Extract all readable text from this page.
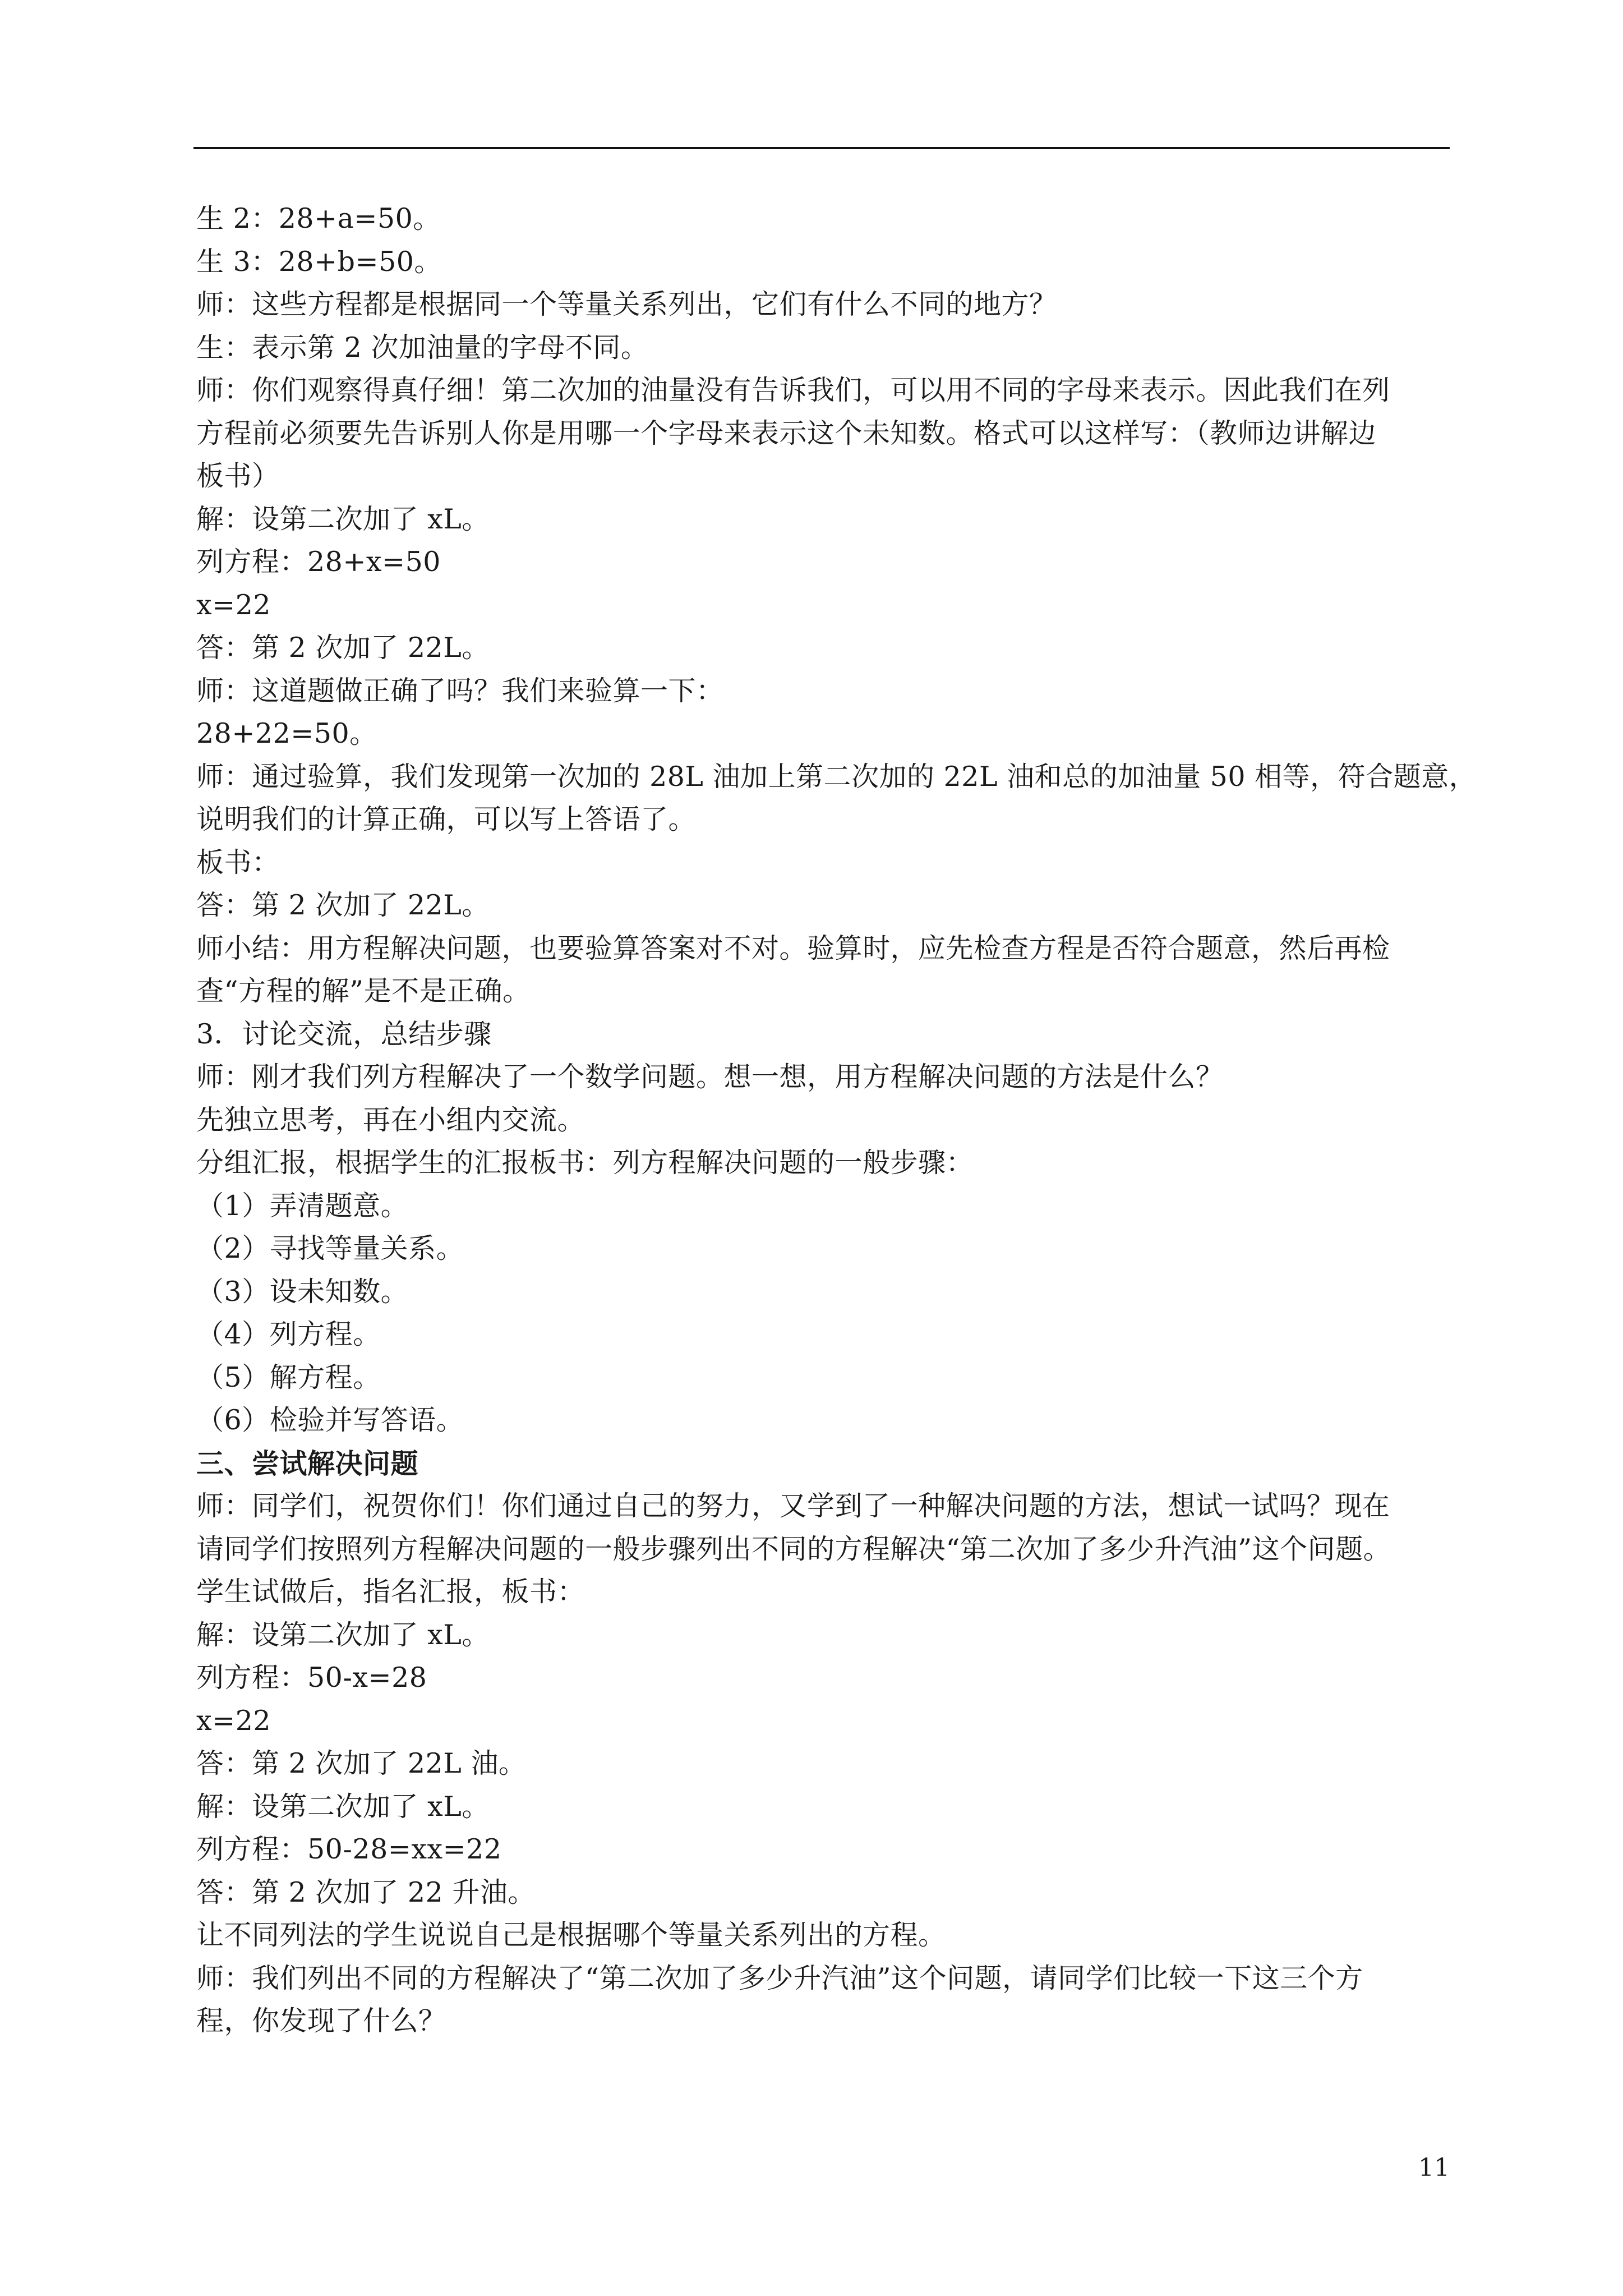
生 2：28+a=50。
生 3：28+b=50。
师：这些方程都是根据同一个等量关系列出，它们有什么不同的地方？
生：表示第 2 次加油量的字母不同。
师：你们观察得真仔细！第二次加的油量没有告诉我们，可以用不同的字母来表示。因此我们在列
方程前必须要先告诉别人你是用哪一个字母来表示这个未知数。格式可以这样写：（教师边讲解边
板书）
解：设第二次加了 xL。
列方程：28+x=50
x=22
答：第 2 次加了 22L。
师：这道题做正确了吗？我们来验算一下：
28+22=50。
师：通过验算，我们发现第一次加的 28L 油加上第二次加的 22L 油和总的加油量 50 相等，符合题意，
说明我们的计算正确，可以写上答语了。
板书：
答：第 2 次加了 22L。
师小结：用方程解决问题，也要验算答案对不对。验算时，应先检查方程是否符合题意，然后再检
查“方程的解”是不是正确。
3．讨论交流，总结步骤
师：刚才我们列方程解决了一个数学问题。想一想，用方程解决问题的方法是什么？
先独立思考，再在小组内交流。
分组汇报，根据学生的汇报板书：列方程解决问题的一般步骤：
（1）弄清题意。
（2）寻找等量关系。
（3）设未知数。
（4）列方程。
（5）解方程。
（6）检验并写答语。
三、尝试解决问题
师：同学们，祝贺你们！你们通过自己的努力，又学到了一种解决问题的方法，想试一试吗？现在
请同学们按照列方程解决问题的一般步骤列出不同的方程解决“第二次加了多少升汽油”这个问题。
学生试做后，指名汇报，板书：
解：设第二次加了 xL。
列方程：50-x=28
x=22
答：第 2 次加了 22L 油。
解：设第二次加了 xL。
列方程：50-28=xx=22
答：第 2 次加了 22 升油。
让不同列法的学生说说自己是根据哪个等量关系列出的方程。
师：我们列出不同的方程解决了“第二次加了多少升汽油”这个问题，请同学们比较一下这三个方
程，你发现了什么？
11
